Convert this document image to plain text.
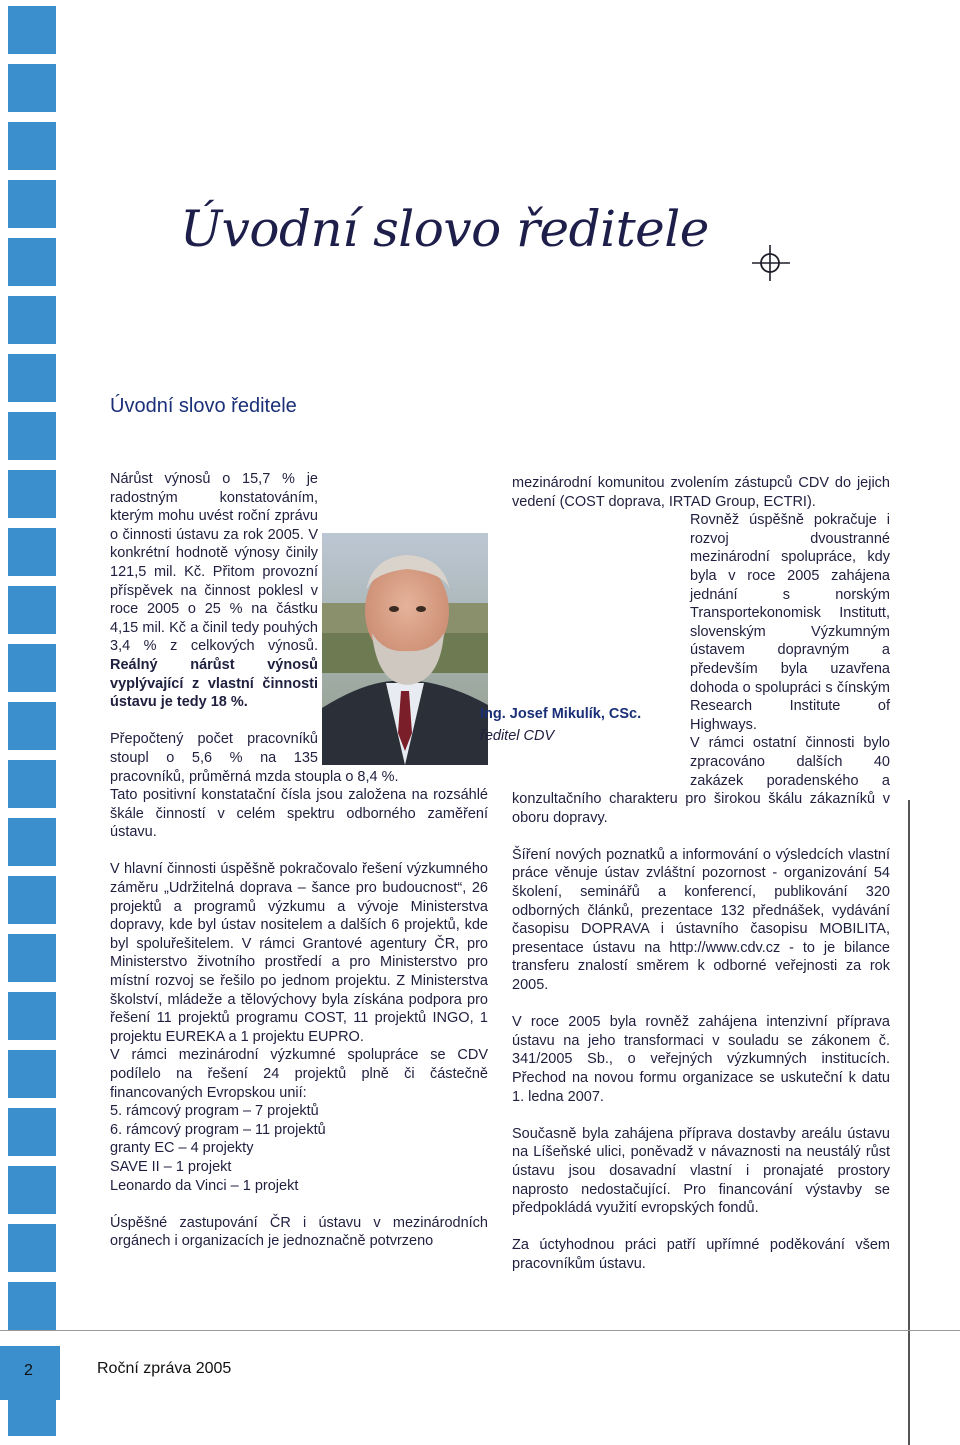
Úvodní slovo ředitele
Úvodní slovo ředitele

Nárůst výnosů o 15,7 % je radostným konstatováním, kterým mohu uvést roční zprávu o činnosti ústavu za rok 2005. V konkrétní hodnotě výnosy činily 121,5 mil. Kč. Přitom provozní příspěvek na činnost poklesl v roce 2005 o 25 % na částku 4,15 mil. Kč a činil tedy pouhých 3,4 % z celkových výnosů. Reálný nárůst výnosů vyplývající z vlastní činnosti ústavu je tedy 18 %.

Přepočtený počet pracovníků stoupl o 5,6 % na 135 pracovníků, průměrná mzda stoupla o 8,4 %.

Tato positivní konstatační čísla jsou založena na rozsáhlé škále činností v celém spektru odborného zaměření ústavu.

V hlavní činnosti úspěšně pokračovalo řešení výzkumného záměru „Udržitelná doprava – šance pro budoucnost“, 26 projektů a programů výzkumu a vývoje Ministerstva dopravy, kde byl ústav nositelem a dalších 6 projektů, kde byl spoluřešitelem. V rámci Grantové agentury ČR, pro Ministerstvo životního prostředí a pro Ministerstvo pro místní rozvoj se řešilo po jednom projektu. Z Ministerstva školství, mládeže a tělovýchovy byla získána podpora pro řešení 11 projektů programu COST, 11 projektů INGO, 1 projektu EUREKA a 1 projektu EUPRO.

V rámci mezinárodní výzkumné spolupráce se CDV podílelo na řešení 24 projektů plně či částečně financovaných Evropskou unií:

5. rámcový program – 7 projektů

6. rámcový program – 11 projektů

granty EC – 4 projekty

SAVE II – 1 projekt

Leonardo da Vinci – 1 projekt

Úspěšné zastupování ČR i ústavu v mezinárodních orgánech i organizacích je jednoznačně potvrzeno

Ing. Josef Mikulík, CSc.
ředitel CDV

mezinárodní komunitou zvolením zástupců CDV do jejich vedení (COST doprava, IRTAD Group, ECTRI).

Rovněž úspěšně pokračuje i rozvoj dvoustranné mezinárodní spolupráce, kdy byla v roce 2005 zahájena jednání s norským Transportekonomisk Institutt, slovenským Výzkumným ústavem dopravným a především byla uzavřena dohoda o spolupráci s čínským Research Institute of Highways.

V rámci ostatní činnosti bylo zpracováno dalších 40 zakázek poradenského a konzultačního charakteru pro širokou škálu zákazníků v oboru dopravy.

Šíření nových poznatků a informování o výsledcích vlastní práce věnuje ústav zvláštní pozornost - organizování 54 školení, seminářů a konferencí, publikování 320 odborných článků, prezentace 132 přednášek, vydávání časopisu DOPRAVA i ústavního časopisu MOBILITA, presentace ústavu na http://www.cdv.cz - to je bilance transferu znalostí směrem k odborné veřejnosti za rok 2005.

V roce 2005 byla rovněž zahájena intenzivní příprava ústavu na jeho transformaci v souladu se zákonem č. 341/2005 Sb., o veřejných výzkumných institucích. Přechod na novou formu organizace se uskuteční k datu 1. ledna 2007.

Současně byla zahájena příprava dostavby areálu ústavu na Líšeňské ulici, poněvadž v návaznosti na neustálý růst ústavu jsou dosavadní vlastní i pronajaté prostory naprosto nedostačující. Pro financování výstavby se předpokládá využití evropských fondů.

Za úctyhodnou práci patří upřímné poděkování všem pracovníkům ústavu.

2	Roční zpráva 2005
